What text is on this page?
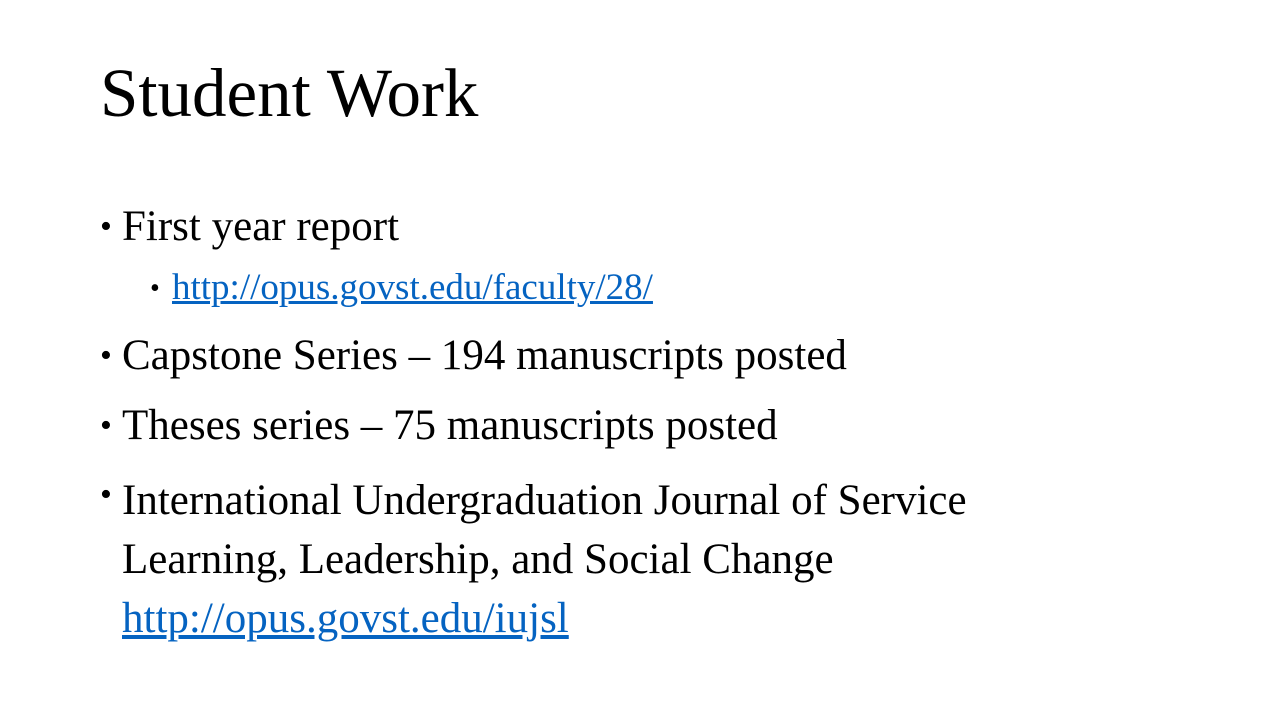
Student Work
• First year report
• http://opus.govst.edu/faculty/28/
• Capstone Series – 194 manuscripts posted
• Theses series – 75 manuscripts posted
• International Undergraduation Journal of Service
Learning, Leadership, and Social Change
http://opus.govst.edu/iujsl
